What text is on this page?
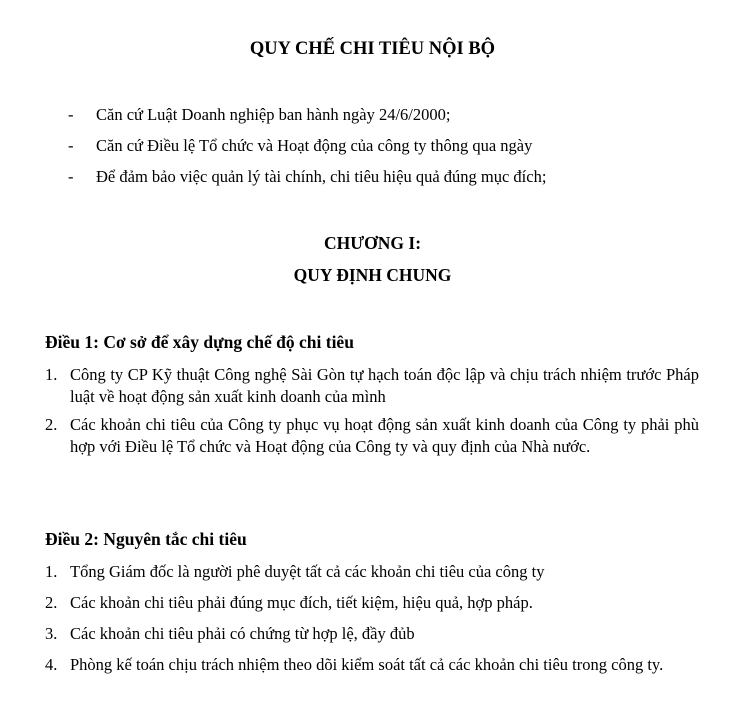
QUY CHẾ CHI TIÊU NỘI BỘ
- Căn cứ Luật Doanh nghiệp ban hành ngày 24/6/2000;
- Căn cứ Điều lệ Tổ chức và Hoạt động của công ty thông qua ngày
- Để đảm bảo việc quản lý tài chính, chi tiêu hiệu quả đúng mục đích;
CHƯƠNG I:
QUY ĐỊNH CHUNG
Điều 1: Cơ sở để xây dựng chế độ chi tiêu
1. Công ty CP Kỹ thuật Công nghệ Sài Gòn tự hạch toán độc lập và chịu trách nhiệm trước Pháp luật về hoạt động sản xuất kinh doanh của mình
2. Các khoản chi tiêu của Công ty phục vụ hoạt động sản xuất kinh doanh của Công ty phải phù hợp với Điều lệ Tổ chức và Hoạt động của Công ty và quy định của Nhà nước.
Điều 2: Nguyên tắc chi tiêu
1. Tổng Giám đốc là người phê duyệt tất cả các khoản chi tiêu của công ty
2. Các khoản chi tiêu phải đúng mục đích, tiết kiệm, hiệu quả, hợp pháp.
3. Các khoản chi tiêu phải có chứng từ hợp lệ, đầy đủb
4. Phòng kế toán chịu trách nhiệm theo dõi kiểm soát tất cả các khoản chi tiêu trong công ty.
